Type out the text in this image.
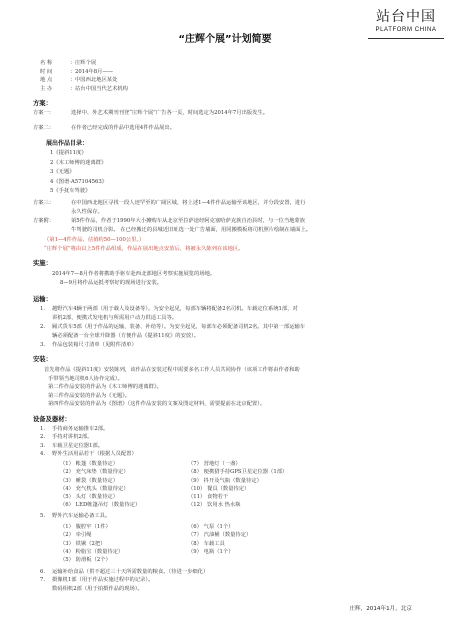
站台中国
PLATFORM CHINA
“庄辉个展”计划简要
名 称	：庄辉个展
时 间	：2014年8月——
地 点	：中国西北地区某处
主 办	：站台中国当代艺术机构
方案：
方案一：	选择中、外艺术期刊刊登“庄辉个展”广告各一页，时间选定为2014年7月出版发生。
方案二：	在作者已经完成的作品中选用4件作品展出。
展出作品目录：
1《提斜11度》
2《木工师傅的迷离群》
3《无题》
4《图谱·A57104563》
5《手抚车驾驶》
方案三：	在中国西北地区寻找一段人迹罕至的广阔区域，将上述1—4件作品运输至该地区，并分段安置，进行
永久性保存。
方案附：	第5件作品，作者于1990年大小摊购车从北京至拉萨途经阿克塞哈萨克族自治县时，与一位当地蒙族
牛驾驶的司机合影。 在已经搬迁的县城近旧址选一处广告墙面，用同搬模板将司机照片绘制在墙面上。
（第1—4件作品，估值约50—100公里。）
“庄辉个展”将由以上5件作品组成，作品在展出地点安放后，将被永久陈列在该地区。
实施：
2014年7—8月作者将携助手驱车赴西北部地区考察实施展览的场地。
8—9月将作品运抵考察好的现场进行安装。
运输：
1. 越野汽车4辆于两部（用于载人及设备等）。为安全起见，每部车辆将配备2名司机。车载定位系统1部，对
讲机2部，便携式发电机与所需用户动力供适工具等。
2. 厢式货车5部（用于作品的运输，装备、补给等）。为安全起见，每部车必须配备司机2名。其中第一部运输车
辆必须配备一台全球升降器（方便作品《提斜11度》的安放）。
3. 作品包装箱尺寸清单（见附件清单）
安装：
首先将作品《提斜11度》安装陈列，该作品在安装过程中需要多名工作人员共同协作（该项工作将由作者和助
手带领当地司机6人协作完成）。
第二件作品安装的作品为《木工师傅的迷离群》。
第三件作品安装的作品为《无题》。
第四件作品安装的作品为《图谱》（这件作品安装的文案及图定材料，需要提前在北京配置）。
设备及器材：
1. 手持商务运输推车2部。
2. 手持对讲机2部。
3. 车载卫星定位器1部。
4. 野外生活用品若干（根据人员配置）
（1） 帐篷（数量待定）
（2） 充气床垫（数量待定）
（3） 睡袋（数量待定）
（4） 充气枕头（数量待定）
（5） 头灯（数量待定）
（6） LED帐篷吊灯（数量待定）
（7） 营地灯（一盏）
（8） 便携猎手持GPS卫星定位器（1部）
（9） 抖开及气瓶（数量待定）
（10） 餐具（数量待定）
（11） 食物若干
（12） 饮用水 热水瓶
5. 野外汽车运输必备工具。
（1） 腹腔牢（1件）
（2） 牵引绳
（3） 铁锹（2把）
（4） 粉脂宝（数量待定）
（5） 防滑板（2个）
（6） 气泵（1个）
（7） 汽油桶（数量待定）
（8） 车载工具
（9） 电瓶（1个）
6. 运输补给食品（供不超过三十天所需数量的粮食。（待进一步细化）
7. 摄像机1部（用于作品实施过程中的记录）。
数码相机2部（用于拍摄作品的现场）。
庄辉，2014年1月，北京
